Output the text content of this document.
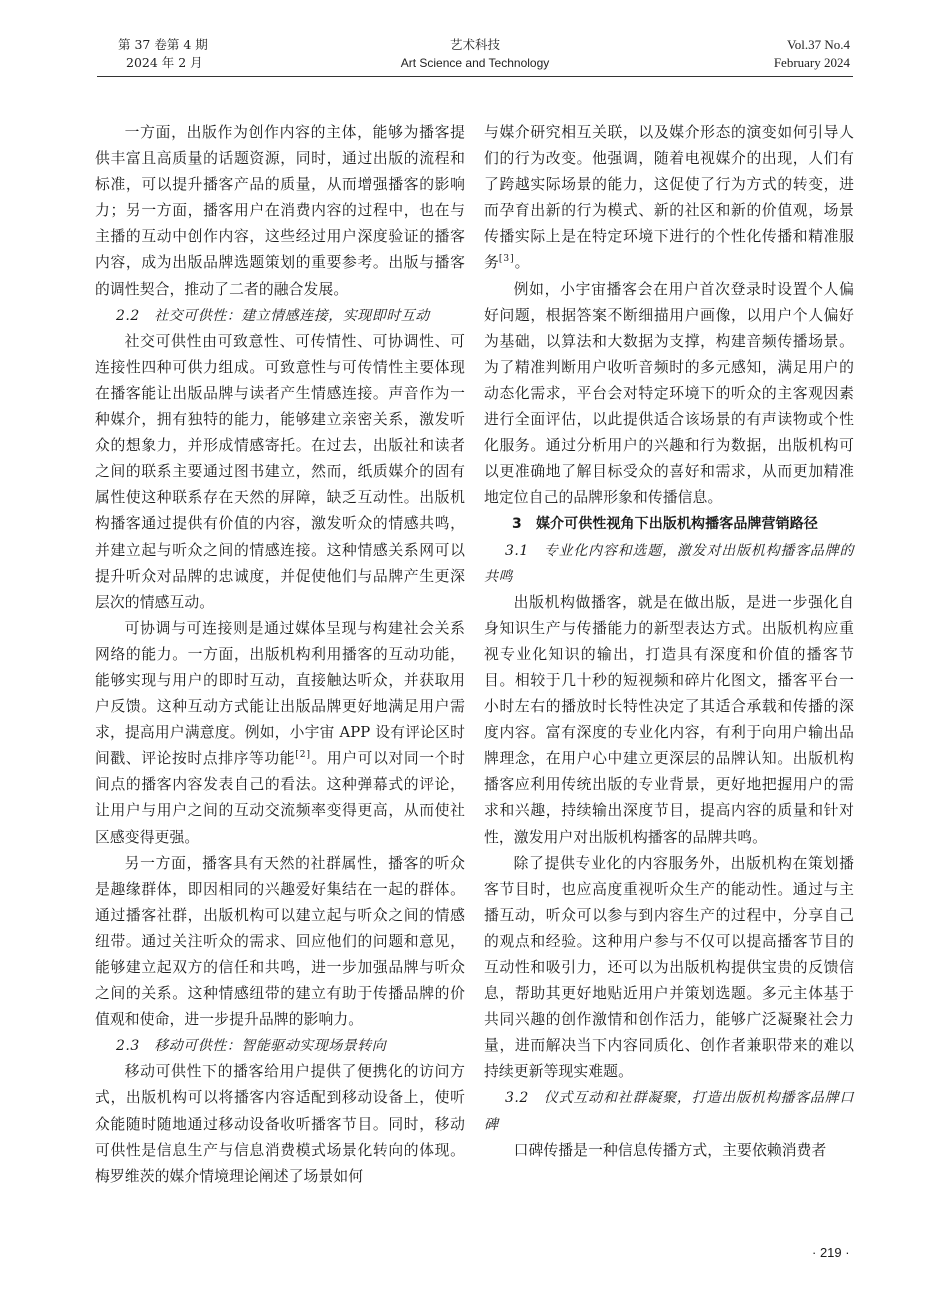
第 37 卷第 4 期
2024 年 2 月
艺术科技
Art Science and Technology
Vol.37 No.4
February 2024

一方面，出版作为创作内容的主体，能够为播客提供丰富且高质量的话题资源，同时，通过出版的流程和标准，可以提升播客产品的质量，从而增强播客的影响力；另一方面，播客用户在消费内容的过程中，也在与主播的互动中创作内容，这些经过用户深度验证的播客内容，成为出版品牌选题策划的重要参考。出版与播客的调性契合，推动了二者的融合发展。

2.2　社交可供性：建立情感连接，实现即时互动

社交可供性由可致意性、可传情性、可协调性、可连接性四种可供力组成。可致意性与可传情性主要体现在播客能让出版品牌与读者产生情感连接。声音作为一种媒介，拥有独特的能力，能够建立亲密关系，激发听众的想象力，并形成情感寄托。在过去，出版社和读者之间的联系主要通过图书建立，然而，纸质媒介的固有属性使这种联系存在天然的屏障，缺乏互动性。出版机构播客通过提供有价值的内容，激发听众的情感共鸣，并建立起与听众之间的情感连接。这种情感关系网可以提升听众对品牌的忠诚度，并促使他们与品牌产生更深层次的情感互动。

可协调与可连接则是通过媒体呈现与构建社会关系网络的能力。一方面，出版机构利用播客的互动功能，能够实现与用户的即时互动，直接触达听众，并获取用户反馈。这种互动方式能让出版品牌更好地满足用户需求，提高用户满意度。例如，小宇宙 APP 设有评论区时间戳、评论按时点排序等功能[2]。用户可以对同一个时间点的播客内容发表自己的看法。这种弹幕式的评论，让用户与用户之间的互动交流频率变得更高，从而使社区感变得更强。

另一方面，播客具有天然的社群属性，播客的听众是趣缘群体，即因相同的兴趣爱好集结在一起的群体。通过播客社群，出版机构可以建立起与听众之间的情感纽带。通过关注听众的需求、回应他们的问题和意见，能够建立起双方的信任和共鸣，进一步加强品牌与听众之间的关系。这种情感纽带的建立有助于传播品牌的价值观和使命，进一步提升品牌的影响力。

2.3　移动可供性：智能驱动实现场景转向

移动可供性下的播客给用户提供了便携化的访问方式，出版机构可以将播客内容适配到移动设备上，使听众能随时随地通过移动设备收听播客节目。同时，移动可供性是信息生产与信息消费模式场景化转向的体现。梅罗维茨的媒介情境理论阐述了场景如何

与媒介研究相互关联，以及媒介形态的演变如何引导人们的行为改变。他强调，随着电视媒介的出现，人们有了跨越实际场景的能力，这促使了行为方式的转变，进而孕育出新的行为模式、新的社区和新的价值观，场景传播实际上是在特定环境下进行的个性化传播和精准服务[3]。

例如，小宇宙播客会在用户首次登录时设置个人偏好问题，根据答案不断细描用户画像，以用户个人偏好为基础，以算法和大数据为支撑，构建音频传播场景。为了精准判断用户收听音频时的多元感知，满足用户的动态化需求，平台会对特定环境下的听众的主客观因素进行全面评估，以此提供适合该场景的有声读物或个性化服务。通过分析用户的兴趣和行为数据，出版机构可以更准确地了解目标受众的喜好和需求，从而更加精准地定位自己的品牌形象和传播信息。

3　媒介可供性视角下出版机构播客品牌营销路径

3.1　专业化内容和选题，激发对出版机构播客品牌的共鸣

出版机构做播客，就是在做出版，是进一步强化自身知识生产与传播能力的新型表达方式。出版机构应重视专业化知识的输出，打造具有深度和价值的播客节目。相较于几十秒的短视频和碎片化图文，播客平台一小时左右的播放时长特性决定了其适合承载和传播的深度内容。富有深度的专业化内容，有利于向用户输出品牌理念，在用户心中建立更深层的品牌认知。出版机构播客应利用传统出版的专业背景，更好地把握用户的需求和兴趣，持续输出深度节目，提高内容的质量和针对性，激发用户对出版机构播客的品牌共鸣。

除了提供专业化的内容服务外，出版机构在策划播客节目时，也应高度重视听众生产的能动性。通过与主播互动，听众可以参与到内容生产的过程中，分享自己的观点和经验。这种用户参与不仅可以提高播客节目的互动性和吸引力，还可以为出版机构提供宝贵的反馈信息，帮助其更好地贴近用户并策划选题。多元主体基于共同兴趣的创作激情和创作活力，能够广泛凝聚社会力量，进而解决当下内容同质化、创作者兼职带来的难以持续更新等现实难题。

3.2　仪式互动和社群凝聚，打造出版机构播客品牌口碑

口碑传播是一种信息传播方式，主要依赖消费者

· 219 ·
